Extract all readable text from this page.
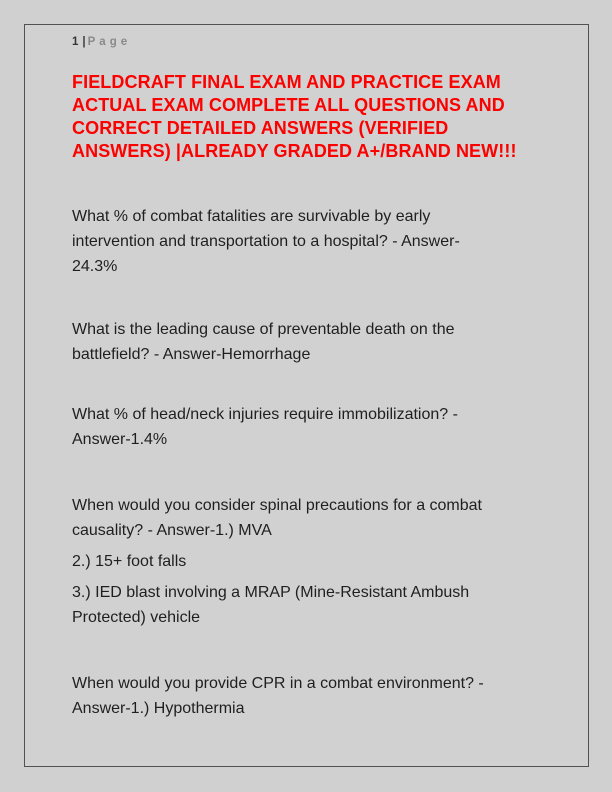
1 | Page
FIELDCRAFT FINAL EXAM AND PRACTICE EXAM
ACTUAL EXAM COMPLETE ALL QUESTIONS AND
CORRECT DETAILED ANSWERS (VERIFIED
ANSWERS) |ALREADY GRADED A+/BRAND NEW!!!
What % of combat fatalities are survivable by early
intervention and transportation to a hospital? - Answer-
24.3%
What is the leading cause of preventable death on the
battlefield? - Answer-Hemorrhage
What % of head/neck injuries require immobilization? -
Answer-1.4%
When would you consider spinal precautions for a combat
causality? - Answer-1.) MVA
2.) 15+ foot falls
3.) IED blast involving a MRAP (Mine-Resistant Ambush
Protected) vehicle
When would you provide CPR in a combat environment? -
Answer-1.) Hypothermia
